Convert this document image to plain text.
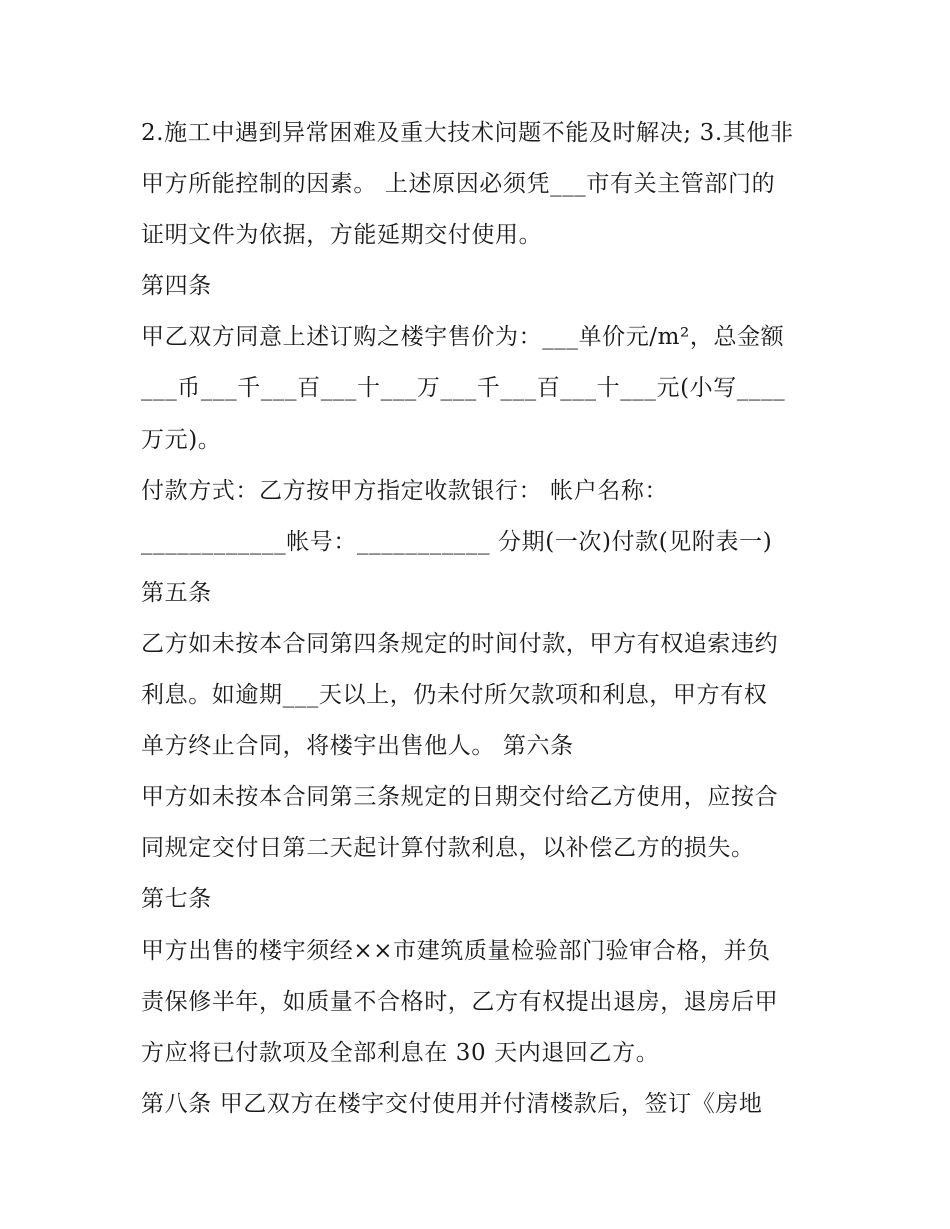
2.施工中遇到异常困难及重大技术问题不能及时解决; 3.其他非
甲方所能控制的因素。 上述原因必须凭___市有关主管部门的
证明文件为依据，方能延期交付使用。
第四条
甲乙双方同意上述订购之楼宇售价为：___单价元/m²，总金额
___币___千___百___十___万___千___百___十___元(小写____
万元)。
付款方式：乙方按甲方指定收款银行： 帐户名称：
____________帐号：___________ 分期(一次)付款(见附表一)
第五条
乙方如未按本合同第四条规定的时间付款，甲方有权追索违约
利息。如逾期___天以上，仍未付所欠款项和利息，甲方有权
单方终止合同，将楼宇出售他人。 第六条
甲方如未按本合同第三条规定的日期交付给乙方使用，应按合
同规定交付日第二天起计算付款利息，以补偿乙方的损失。
第七条
甲方出售的楼宇须经××市建筑质量检验部门验审合格，并负
责保修半年，如质量不合格时，乙方有权提出退房，退房后甲
方应将已付款项及全部利息在 30 天内退回乙方。
第八条 甲乙双方在楼宇交付使用并付清楼款后，签订《房地
